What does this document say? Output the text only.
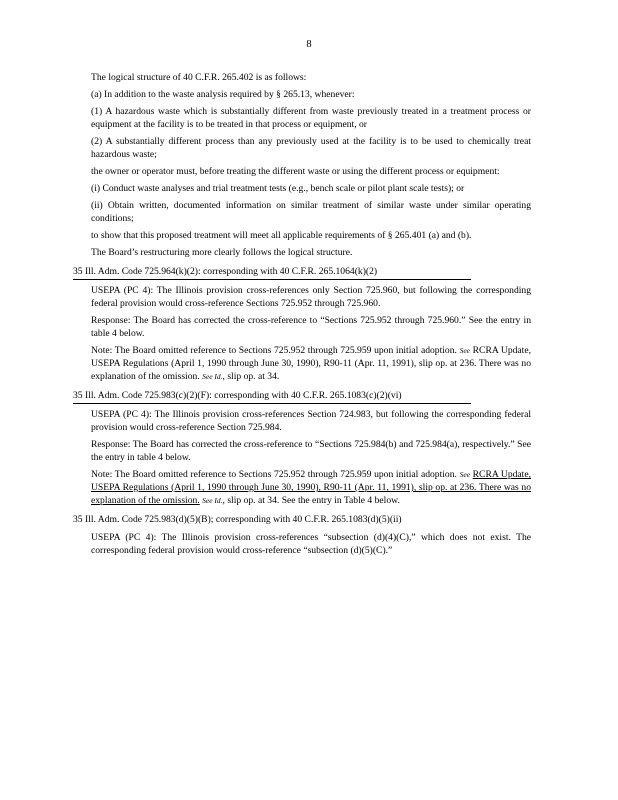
8

The logical structure of 40 C.F.R. 265.402 is as follows:

(a) In addition to the waste analysis required by § 265.13, whenever:

(1) A hazardous waste which is substantially different from waste previously treated in a treatment process or equipment at the facility is to be treated in that process or equipment, or

(2) A substantially different process than any previously used at the facility is to be used to chemically treat hazardous waste;

the owner or operator must, before treating the different waste or using the different process or equipment:

(i) Conduct waste analyses and trial treatment tests (e.g., bench scale or pilot plant scale tests); or

(ii) Obtain written, documented information on similar treatment of similar waste under similar operating conditions;

to show that this proposed treatment will meet all applicable requirements of § 265.401 (a) and (b).

The Board’s restructuring more clearly follows the logical structure.

35 Ill. Adm. Code 725.964(k)(2): corresponding with 40 C.F.R. 265.1064(k)(2)

USEPA (PC 4): The Illinois provision cross-references only Section 725.960, but following the corresponding federal provision would cross-reference Sections 725.952 through 725.960.

Response: The Board has corrected the cross-reference to “Sections 725.952 through 725.960.” See the entry in table 4 below.

Note: The Board omitted reference to Sections 725.952 through 725.959 upon initial adoption. See RCRA Update, USEPA Regulations (April 1, 1990 through June 30, 1990), R90-11 (Apr. 11, 1991), slip op. at 236. There was no explanation of the omission. See Id., slip op. at 34.

35 Ill. Adm. Code 725.983(c)(2)(F): corresponding with 40 C.F.R. 265.1083(c)(2)(vi)

USEPA (PC 4): The Illinois provision cross-references Section 724.983, but following the corresponding federal provision would cross-reference Section 725.984.

Response: The Board has corrected the cross-reference to “Sections 725.984(b) and 725.984(a), respectively.” See the entry in table 4 below.

Note: The Board omitted reference to Sections 725.952 through 725.959 upon initial adoption. See RCRA Update, USEPA Regulations (April 1, 1990 through June 30, 1990), R90-11 (Apr. 11, 1991), slip op. at 236. There was no explanation of the omission. See Id., slip op. at 34. See the entry in Table 4 below.

35 Ill. Adm. Code 725.983(d)(5)(B); corresponding with 40 C.F.R. 265.1083(d)(5)(ii)

USEPA (PC 4): The Illinois provision cross-references “subsection (d)(4)(C),” which does not exist. The corresponding federal provision would cross-reference “subsection (d)(5)(C).”
